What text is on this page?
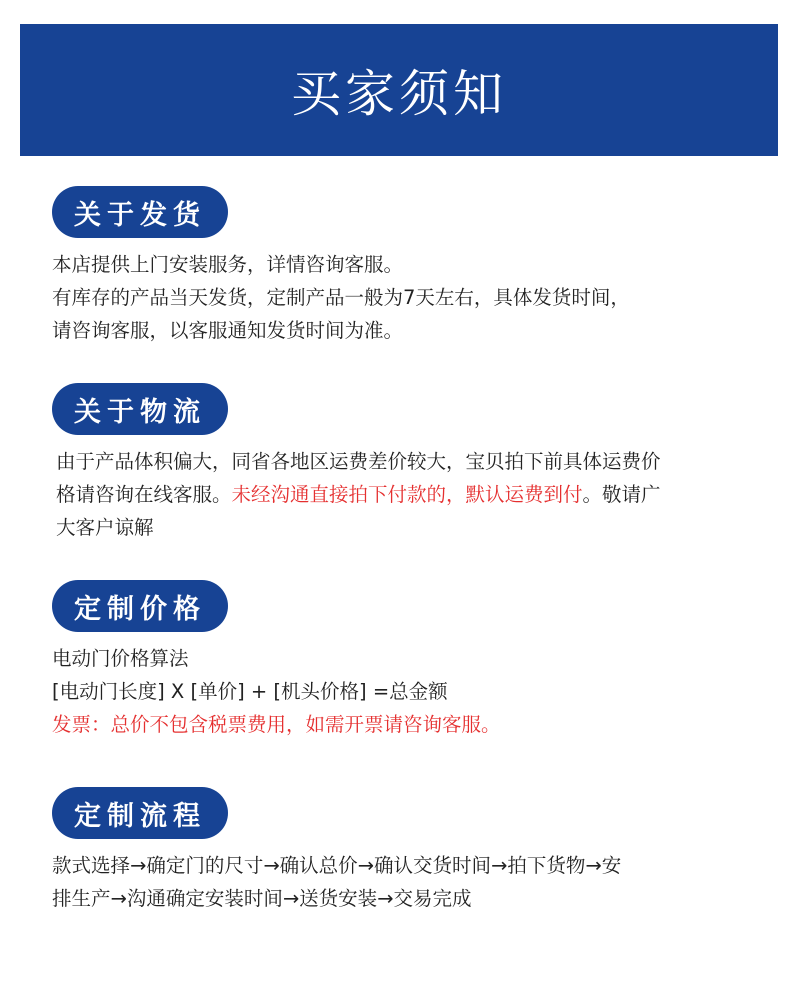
买家须知
关于发货
本店提供上门安装服务，详情咨询客服。
有库存的产品当天发货，定制产品一般为7天左右，具体发货时间，
请咨询客服，以客服通知发货时间为准。
关于物流
由于产品体积偏大，同省各地区运费差价较大，宝贝拍下前具体运费价
格请咨询在线客服。未经沟通直接拍下付款的，默认运费到付。敬请广
大客户谅解
定制价格
电动门价格算法
[电动门长度] X [单价] + [机头价格] =总金额
发票：总价不包含税票费用，如需开票请咨询客服。
定制流程
款式选择→确定门的尺寸→确认总价→确认交货时间→拍下货物→安
排生产→沟通确定安装时间→送货安装→交易完成
